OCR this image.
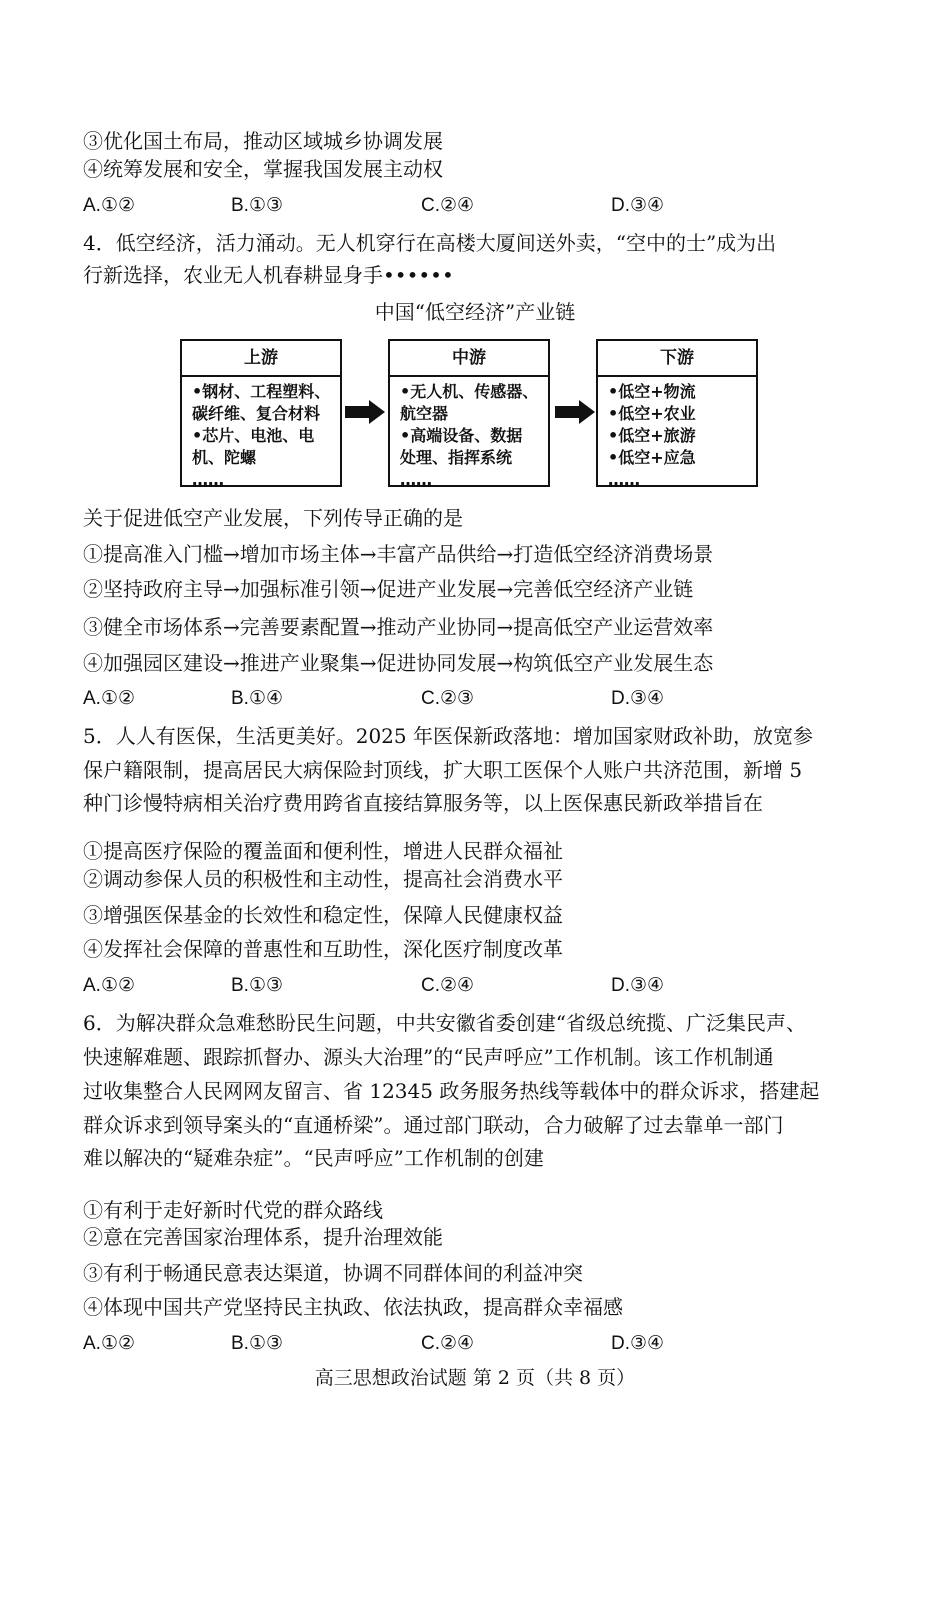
③优化国土布局，推动区域城乡协调发展
④统筹发展和安全，掌握我国发展主动权
A.①②	B.①③	C.②④	D.③④
4．低空经济，活力涌动。无人机穿行在高楼大厦间送外卖，“空中的士”成为出
行新选择，农业无人机春耕显身手••••••
中国“低空经济”产业链
上游
•钢材、工程塑料、
碳纤维、复合材料
•芯片、电池、电
机、陀螺
……
中游
•无人机、传感器、
航空器
•高端设备、数据
处理、指挥系统
……
下游
•低空+物流
•低空+农业
•低空+旅游
•低空+应急
……
关于促进低空产业发展，下列传导正确的是
①提高准入门槛→增加市场主体→丰富产品供给→打造低空经济消费场景
②坚持政府主导→加强标准引领→促进产业发展→完善低空经济产业链
③健全市场体系→完善要素配置→推动产业协同→提高低空产业运营效率
④加强园区建设→推进产业聚集→促进协同发展→构筑低空产业发展生态
A.①②	B.①④	C.②③	D.③④
5．人人有医保，生活更美好。2025 年医保新政落地：增加国家财政补助，放宽参
保户籍限制，提高居民大病保险封顶线，扩大职工医保个人账户共济范围，新增 5
种门诊慢特病相关治疗费用跨省直接结算服务等，以上医保惠民新政举措旨在
①提高医疗保险的覆盖面和便利性，增进人民群众福祉
②调动参保人员的积极性和主动性，提高社会消费水平
③增强医保基金的长效性和稳定性，保障人民健康权益
④发挥社会保障的普惠性和互助性，深化医疗制度改革
A.①②	B.①③	C.②④	D.③④
6．为解决群众急难愁盼民生问题，中共安徽省委创建“省级总统揽、广泛集民声、
快速解难题、跟踪抓督办、源头大治理”的“民声呼应”工作机制。该工作机制通
过收集整合人民网网友留言、省 12345 政务服务热线等载体中的群众诉求，搭建起
群众诉求到领导案头的“直通桥梁”。通过部门联动，合力破解了过去靠单一部门
难以解决的“疑难杂症”。“民声呼应”工作机制的创建
①有利于走好新时代党的群众路线
②意在完善国家治理体系，提升治理效能
③有利于畅通民意表达渠道，协调不同群体间的利益冲突
④体现中国共产党坚持民主执政、依法执政，提高群众幸福感
A.①②	B.①③	C.②④	D.③④
高三思想政治试题 第 2 页（共 8 页）
